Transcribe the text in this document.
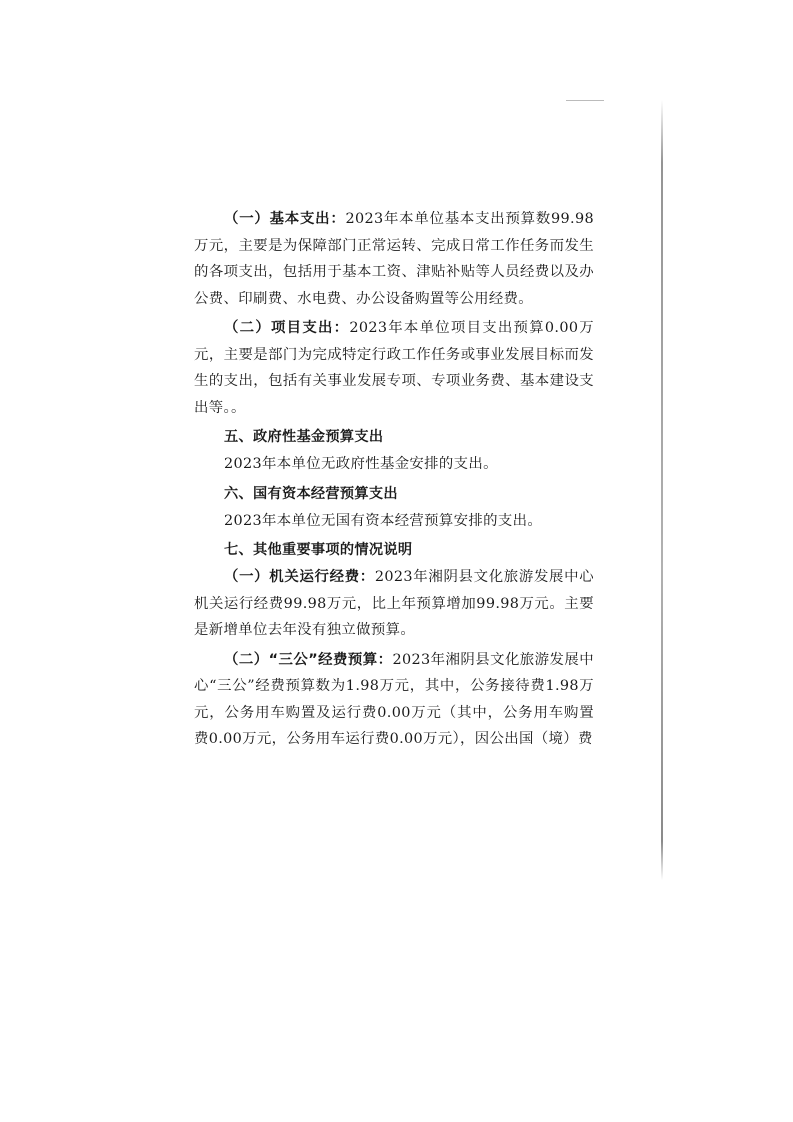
（一）基本支出：2023年本单位基本支出预算数99.98万元，主要是为保障部门正常运转、完成日常工作任务而发生的各项支出，包括用于基本工资、津贴补贴等人员经费以及办公费、印刷费、水电费、办公设备购置等公用经费。

（二）项目支出：2023年本单位项目支出预算0.00万元，主要是部门为完成特定行政工作任务或事业发展目标而发生的支出，包括有关事业发展专项、专项业务费、基本建设支出等。。

五、政府性基金预算支出

2023年本单位无政府性基金安排的支出。

六、国有资本经营预算支出

2023年本单位无国有资本经营预算安排的支出。

七、其他重要事项的情况说明

（一）机关运行经费：2023年湘阴县文化旅游发展中心机关运行经费99.98万元，比上年预算增加99.98万元。主要是新增单位去年没有独立做预算。

（二）“三公”经费预算：2023年湘阴县文化旅游发展中心“三公”经费预算数为1.98万元，其中，公务接待费1.98万元，公务用车购置及运行费0.00万元（其中，公务用车购置费0.00万元，公务用车运行费0.00万元），因公出国（境）费
